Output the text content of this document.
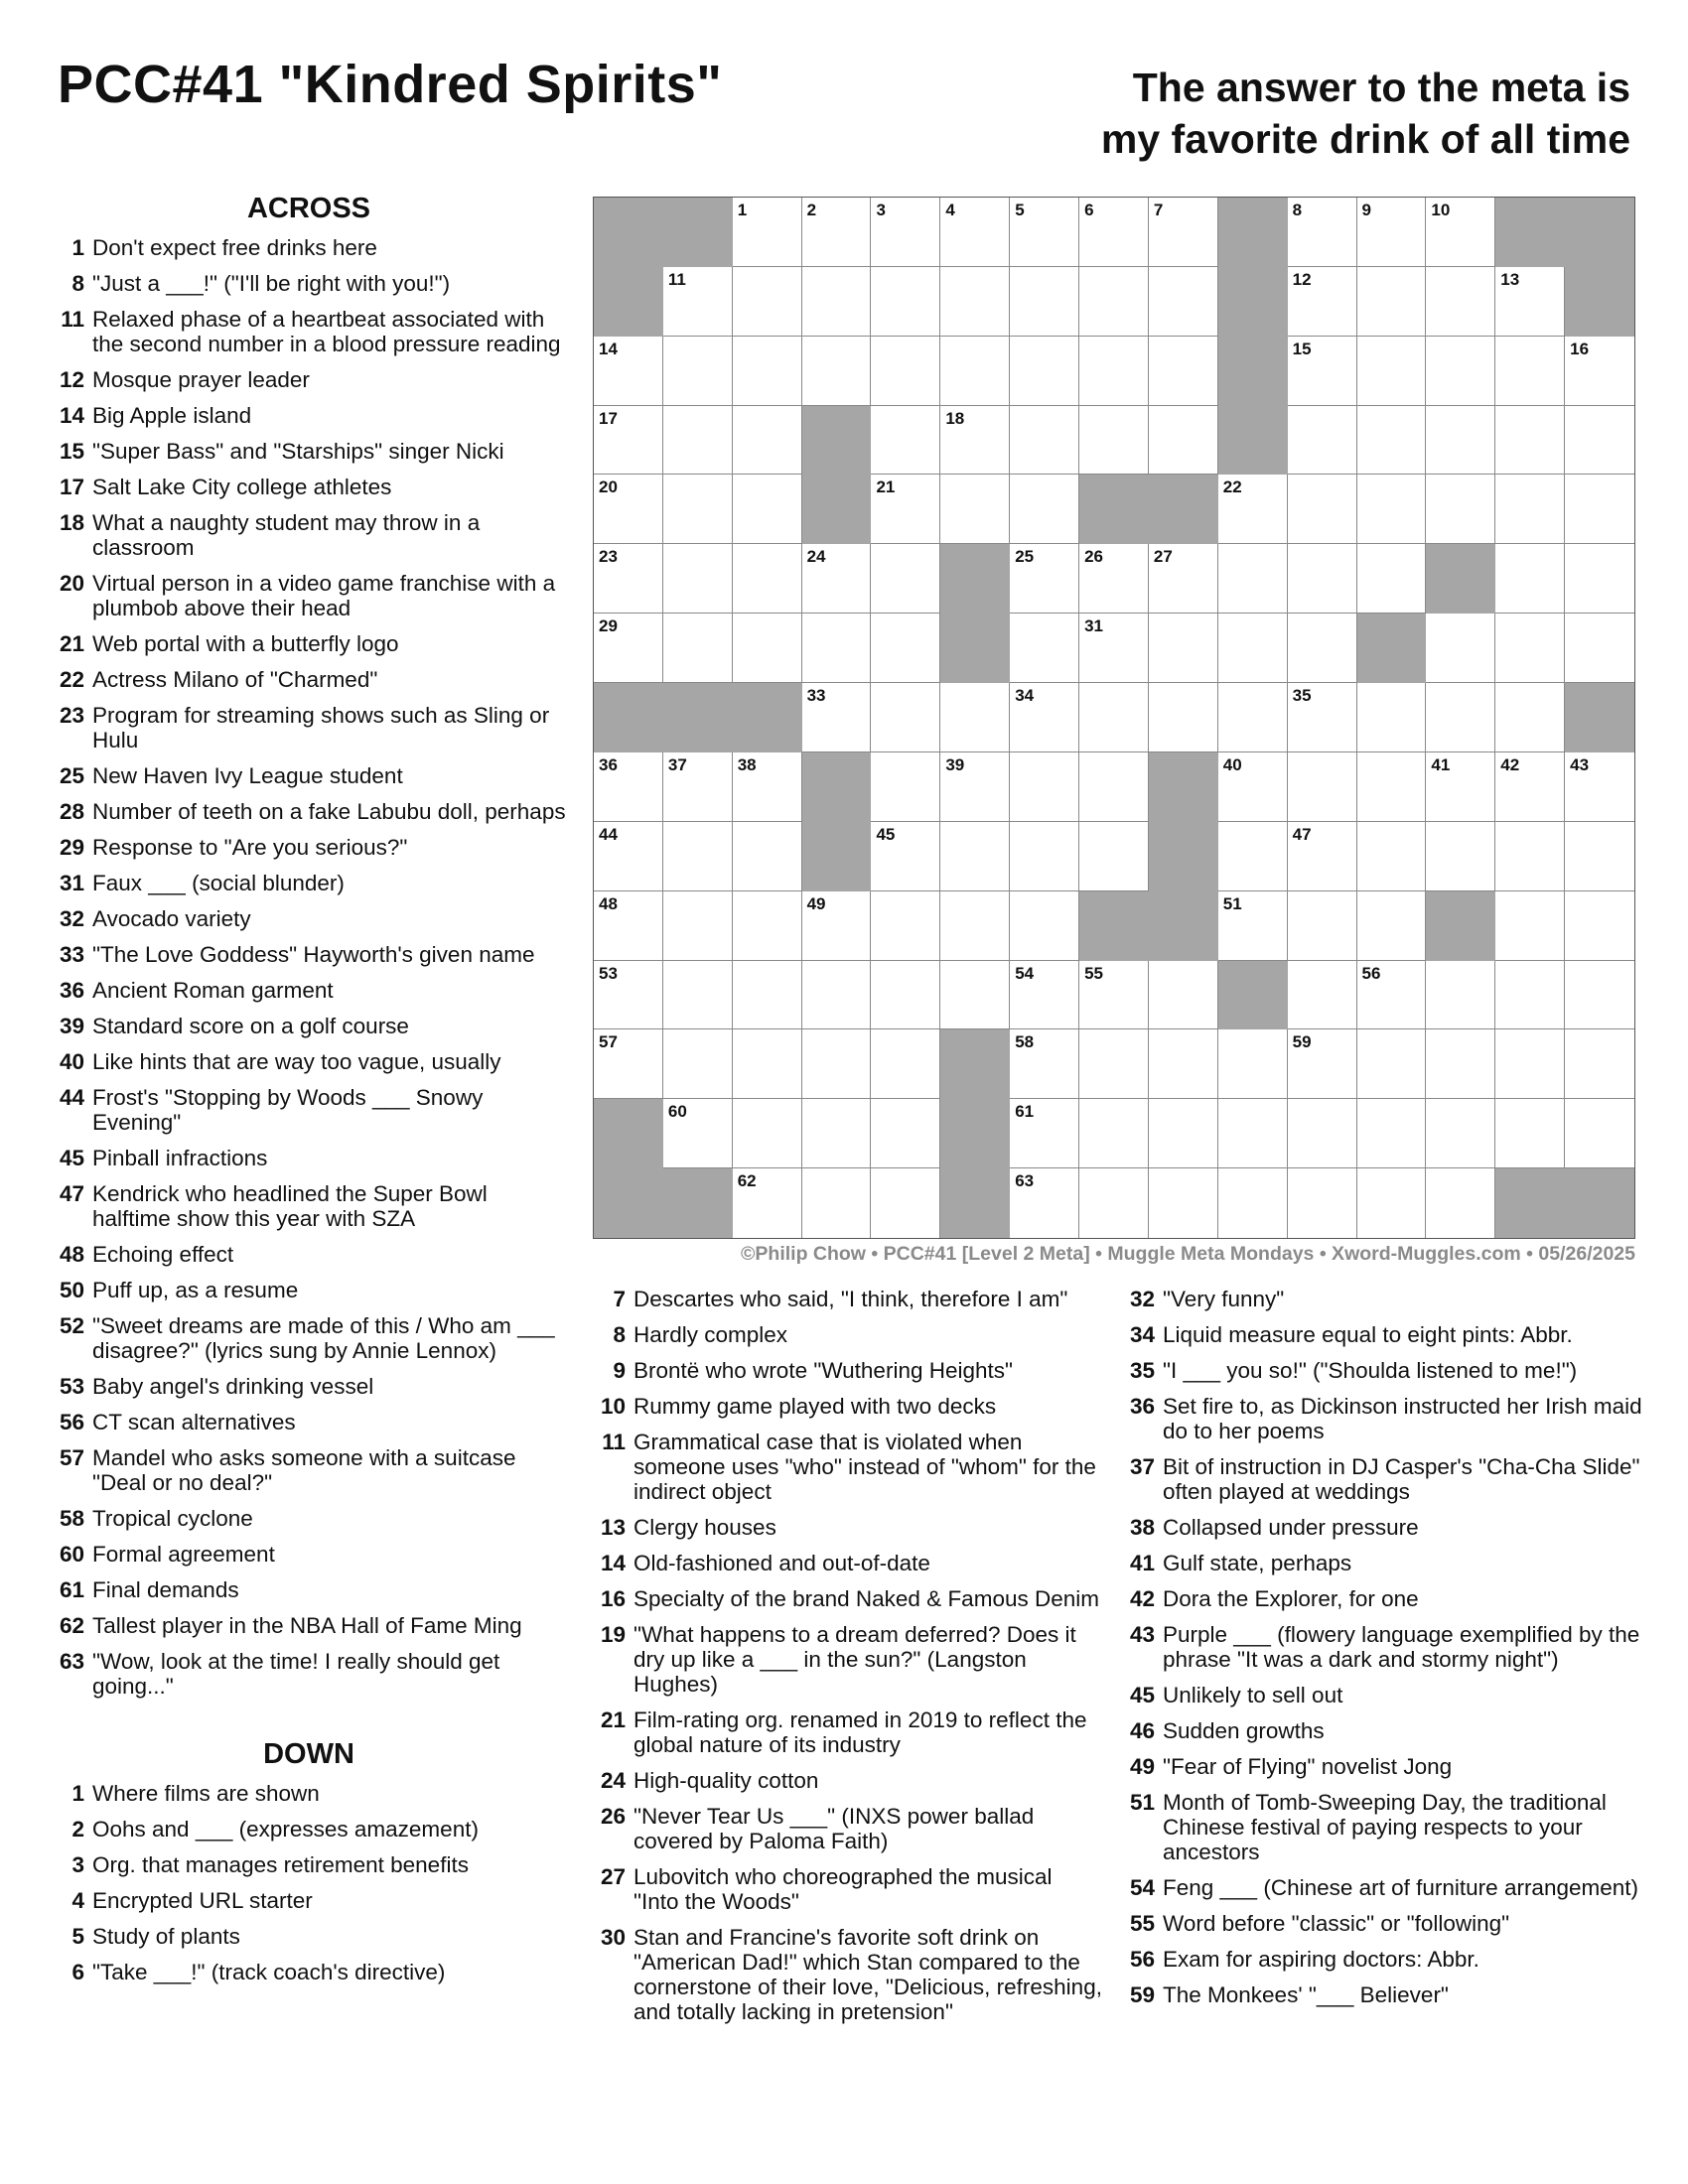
PCC#41 "Kindred Spirits"	The answer to the meta is
my favorite drink of all time
ACROSS
1 Don't expect free drinks here
8 "Just a ___!" ("I'll be right with you!")
11 Relaxed phase of a heartbeat associated with the second number in a blood pressure reading
12 Mosque prayer leader
14 Big Apple island
15 "Super Bass" and "Starships" singer Nicki
17 Salt Lake City college athletes
18 What a naughty student may throw in a classroom
20 Virtual person in a video game franchise with a plumbob above their head
21 Web portal with a butterfly logo
22 Actress Milano of "Charmed"
23 Program for streaming shows such as Sling or Hulu
25 New Haven Ivy League student
28 Number of teeth on a fake Labubu doll, perhaps
29 Response to "Are you serious?"
31 Faux ___ (social blunder)
32 Avocado variety
33 "The Love Goddess" Hayworth's given name
36 Ancient Roman garment
39 Standard score on a golf course
40 Like hints that are way too vague, usually
44 Frost's "Stopping by Woods ___ Snowy Evening"
45 Pinball infractions
47 Kendrick who headlined the Super Bowl halftime show this year with SZA
48 Echoing effect
50 Puff up, as a resume
52 "Sweet dreams are made of this / Who am ___ disagree?" (lyrics sung by Annie Lennox)
53 Baby angel's drinking vessel
56 CT scan alternatives
57 Mandel who asks someone with a suitcase "Deal or no deal?"
58 Tropical cyclone
60 Formal agreement
61 Final demands
62 Tallest player in the NBA Hall of Fame Ming
63 "Wow, look at the time! I really should get going..."
DOWN
1 Where films are shown
2 Oohs and ___ (expresses amazement)
3 Org. that manages retirement benefits
4 Encrypted URL starter
5 Study of plants
6 "Take ___!" (track coach's directive)
1	2	3	4	5	6	7	8	9	10
11	12	13
14	15	16
17	18
20	21	22
23	24	25	26	27
29	31
33	34	35
36	37	38	39	40	41	42	43
44	45	47
48	49	51
53	54	55	56
57	58	59
60	61
62	63
©Philip Chow • PCC#41 [Level 2 Meta] • Muggle Meta Mondays • Xword-Muggles.com • 05/26/2025
7 Descartes who said, "I think, therefore I am"
8 Hardly complex
9 Brontë who wrote "Wuthering Heights"
10 Rummy game played with two decks
11 Grammatical case that is violated when someone uses "who" instead of "whom" for the indirect object
13 Clergy houses
14 Old-fashioned and out-of-date
16 Specialty of the brand Naked & Famous Denim
19 "What happens to a dream deferred? Does it dry up like a ___ in the sun?" (Langston Hughes)
21 Film-rating org. renamed in 2019 to reflect the global nature of its industry
24 High-quality cotton
26 "Never Tear Us ___" (INXS power ballad covered by Paloma Faith)
27 Lubovitch who choreographed the musical "Into the Woods"
30 Stan and Francine's favorite soft drink on "American Dad!" which Stan compared to the cornerstone of their love, "Delicious, refreshing, and totally lacking in pretension"
32 "Very funny"
34 Liquid measure equal to eight pints: Abbr.
35 "I ___ you so!" ("Shoulda listened to me!")
36 Set fire to, as Dickinson instructed her Irish maid do to her poems
37 Bit of instruction in DJ Casper's "Cha-Cha Slide" often played at weddings
38 Collapsed under pressure
41 Gulf state, perhaps
42 Dora the Explorer, for one
43 Purple ___ (flowery language exemplified by the phrase "It was a dark and stormy night")
45 Unlikely to sell out
46 Sudden growths
49 "Fear of Flying" novelist Jong
51 Month of Tomb-Sweeping Day, the traditional Chinese festival of paying respects to your ancestors
54 Feng ___ (Chinese art of furniture arrangement)
55 Word before "classic" or "following"
56 Exam for aspiring doctors: Abbr.
59 The Monkees' "___ Believer"
